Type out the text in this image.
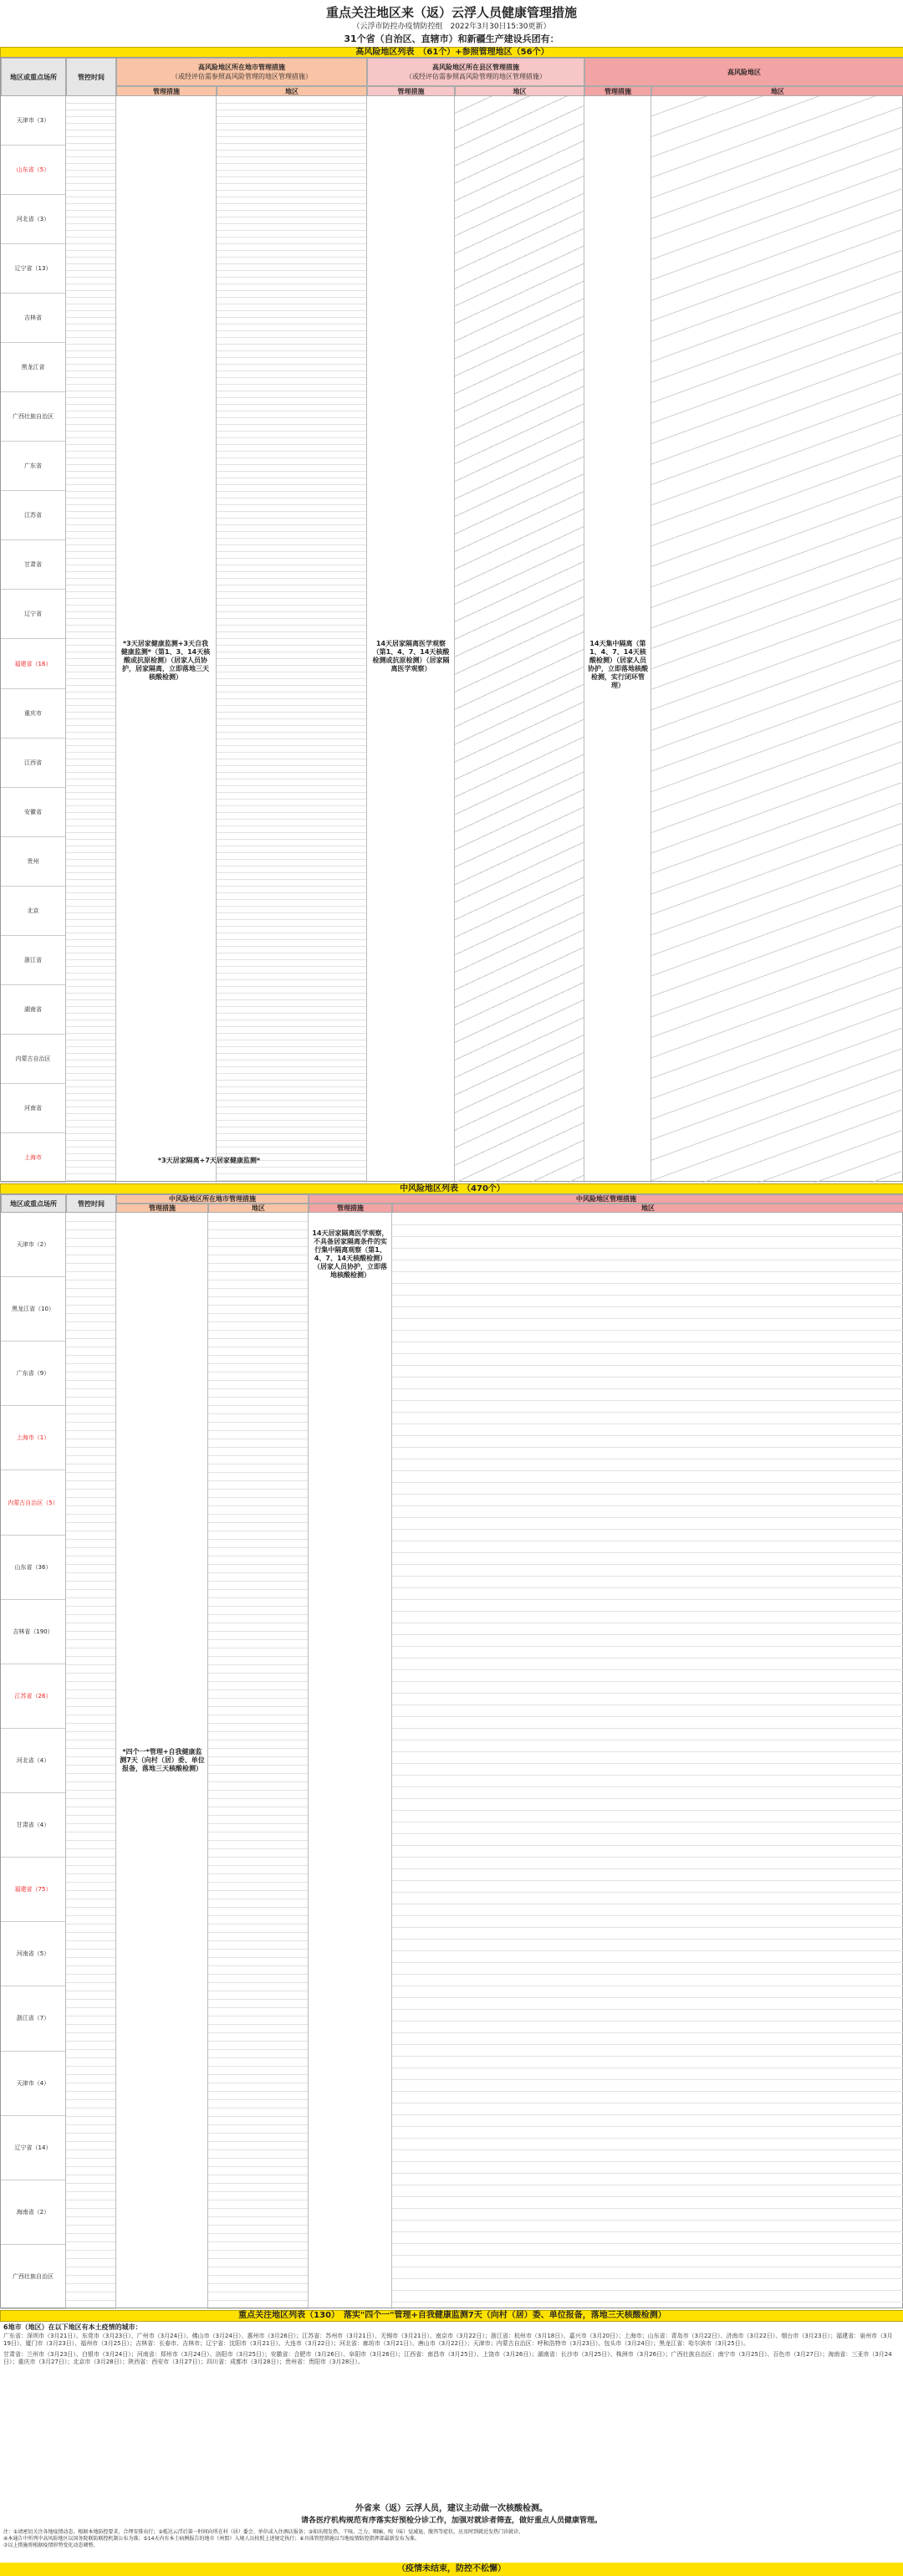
重点关注地区来（返）云浮人员健康管理措施
（云浮市防控办疫情防控组　2022年3月30日15:30更新）
31个省（自治区、直辖市）和新疆生产建设兵团有：
高风险地区列表　（61个）+参照管理地区（56个）
地区或重点场所	管控时间
高风险地区所在地市管理措施
（或经评估需参照高风险管理的地区管理措施）
管理措施	地区
高风险地区所在县区管理措施
（或经评估需参照高风险管理的地区管理措施）
管理措施	地区
高风险地区
管理措施	地区
天津市（3）
山东省（5）
河北省（3）
辽宁省（13）
吉林省
黑龙江省
广西壮族自治区
广东省
江苏省
甘肃省
辽宁省
福建省（16）
重庆市
江西省
安徽省
贵州
北京
浙江省
湖南省
内蒙古自治区
河南省
上海市
*3天居家健康监测+3天自我健康监测*（第1、3、14天核酸或抗原检测）（居家人员协护，居家隔离，立即落地三天核酸检测）
14天居家隔离医学观察（第1、4、7、14天核酸检测或抗原检测）（居家隔离医学观察）
14天集中隔离（第1、4、7、14天核酸检测）（居家人员协护，立即落地核酸检测，实行闭环管理）
*3天居家隔离+7天居家健康监测*
中风险地区列表　（470个）
地区或重点场所	管控时间
中风险地区所在地市管理措施
管理措施	地区
中风险地区管理措施
管理措施	地区
天津市（2）
黑龙江省（10）
广东省（9）
上海市（1）
内蒙古自治区（5）
山东省（36）
吉林省（190）
江苏省（26）
河北省（4）
甘肃省（4）
福建省（75）
河南省（5）
浙江省（7）
天津市（4）
辽宁省（14）
海南省（2）
广西壮族自治区
*四个一*管理+自我健康监测7天（向村（居）委、单位报备，落地三天核酸检测）
14天居家隔离医学观察，不具备居家隔离条件的实行集中隔离观察（第1、4、7、14天核酸检测）（居家人员协护，立即落地核酸检测）
重点关注地区列表（130）　落实"四个一"管理+自我健康监测7天（向村（居）委、单位报备，落地三天核酸检测）
6地市（地区）在以下地区有本土疫情的城市：
广东省：深圳市（3月21日）、东莞市（3月23日）、广州市（3月24日）、佛山市（3月24日）、惠州市（3月26日）；江苏省：苏州市（3月21日）、无锡市（3月21日）、南京市（3月22日）；浙江省：杭州市（3月18日）、嘉兴市（3月20日）；上海市；山东省：青岛市（3月22日）、济南市（3月22日）、烟台市（3月23日）；福建省：泉州市（3月19日）、厦门市（3月23日）、福州市（3月25日）；吉林省：长春市、吉林市；辽宁省：沈阳市（3月21日）、大连市（3月22日）；河北省：廊坊市（3月21日）、唐山市（3月22日）；天津市；内蒙古自治区：呼和浩特市（3月23日）、包头市（3月24日）；黑龙江省：哈尔滨市（3月25日）。
甘肃省：兰州市（3月23日）、白银市（3月24日）；河南省：郑州市（3月24日）、洛阳市（3月25日）；安徽省：合肥市（3月26日）、阜阳市（3月26日）；江西省：南昌市（3月25日）、上饶市（3月26日）；湖南省：长沙市（3月25日）、株洲市（3月26日）；广西壮族自治区：南宁市（3月25日）、百色市（3月27日）；海南省：三亚市（3月24日）；重庆市（3月27日）；北京市（3月28日）；陕西省：西安市（3月27日）；四川省：成都市（3月28日）；贵州省：贵阳市（3月28日）。
外省来（返）云浮人员，建议主动做一次核酸检测。
请各医疗机构规范有序落实好预检分诊工作，加强对就诊者筛查，做好重点人员健康管理。
注：①请密切关注各地疫情动态，根据本地防控要求，合理安排出行；②抵达云浮后第一时间向所在村（居）委会、单位或入住酒店报备；③如出现发热、干咳、乏力、咽痛、嗅（味）觉减退、腹泻等症状，应及时到就近发热门诊就诊。
④本通告中所列中高风险地区以国务院联防联控机制公布为准；⑤14天内有本土病例报告的地市（州盟）入境人员按照上述规定执行；⑥具体管控措施以当地疫情防控指挥部最新发布为准。
⑦以上措施将根据疫情形势变化动态调整。
（疫情未结束，防控不松懈）
